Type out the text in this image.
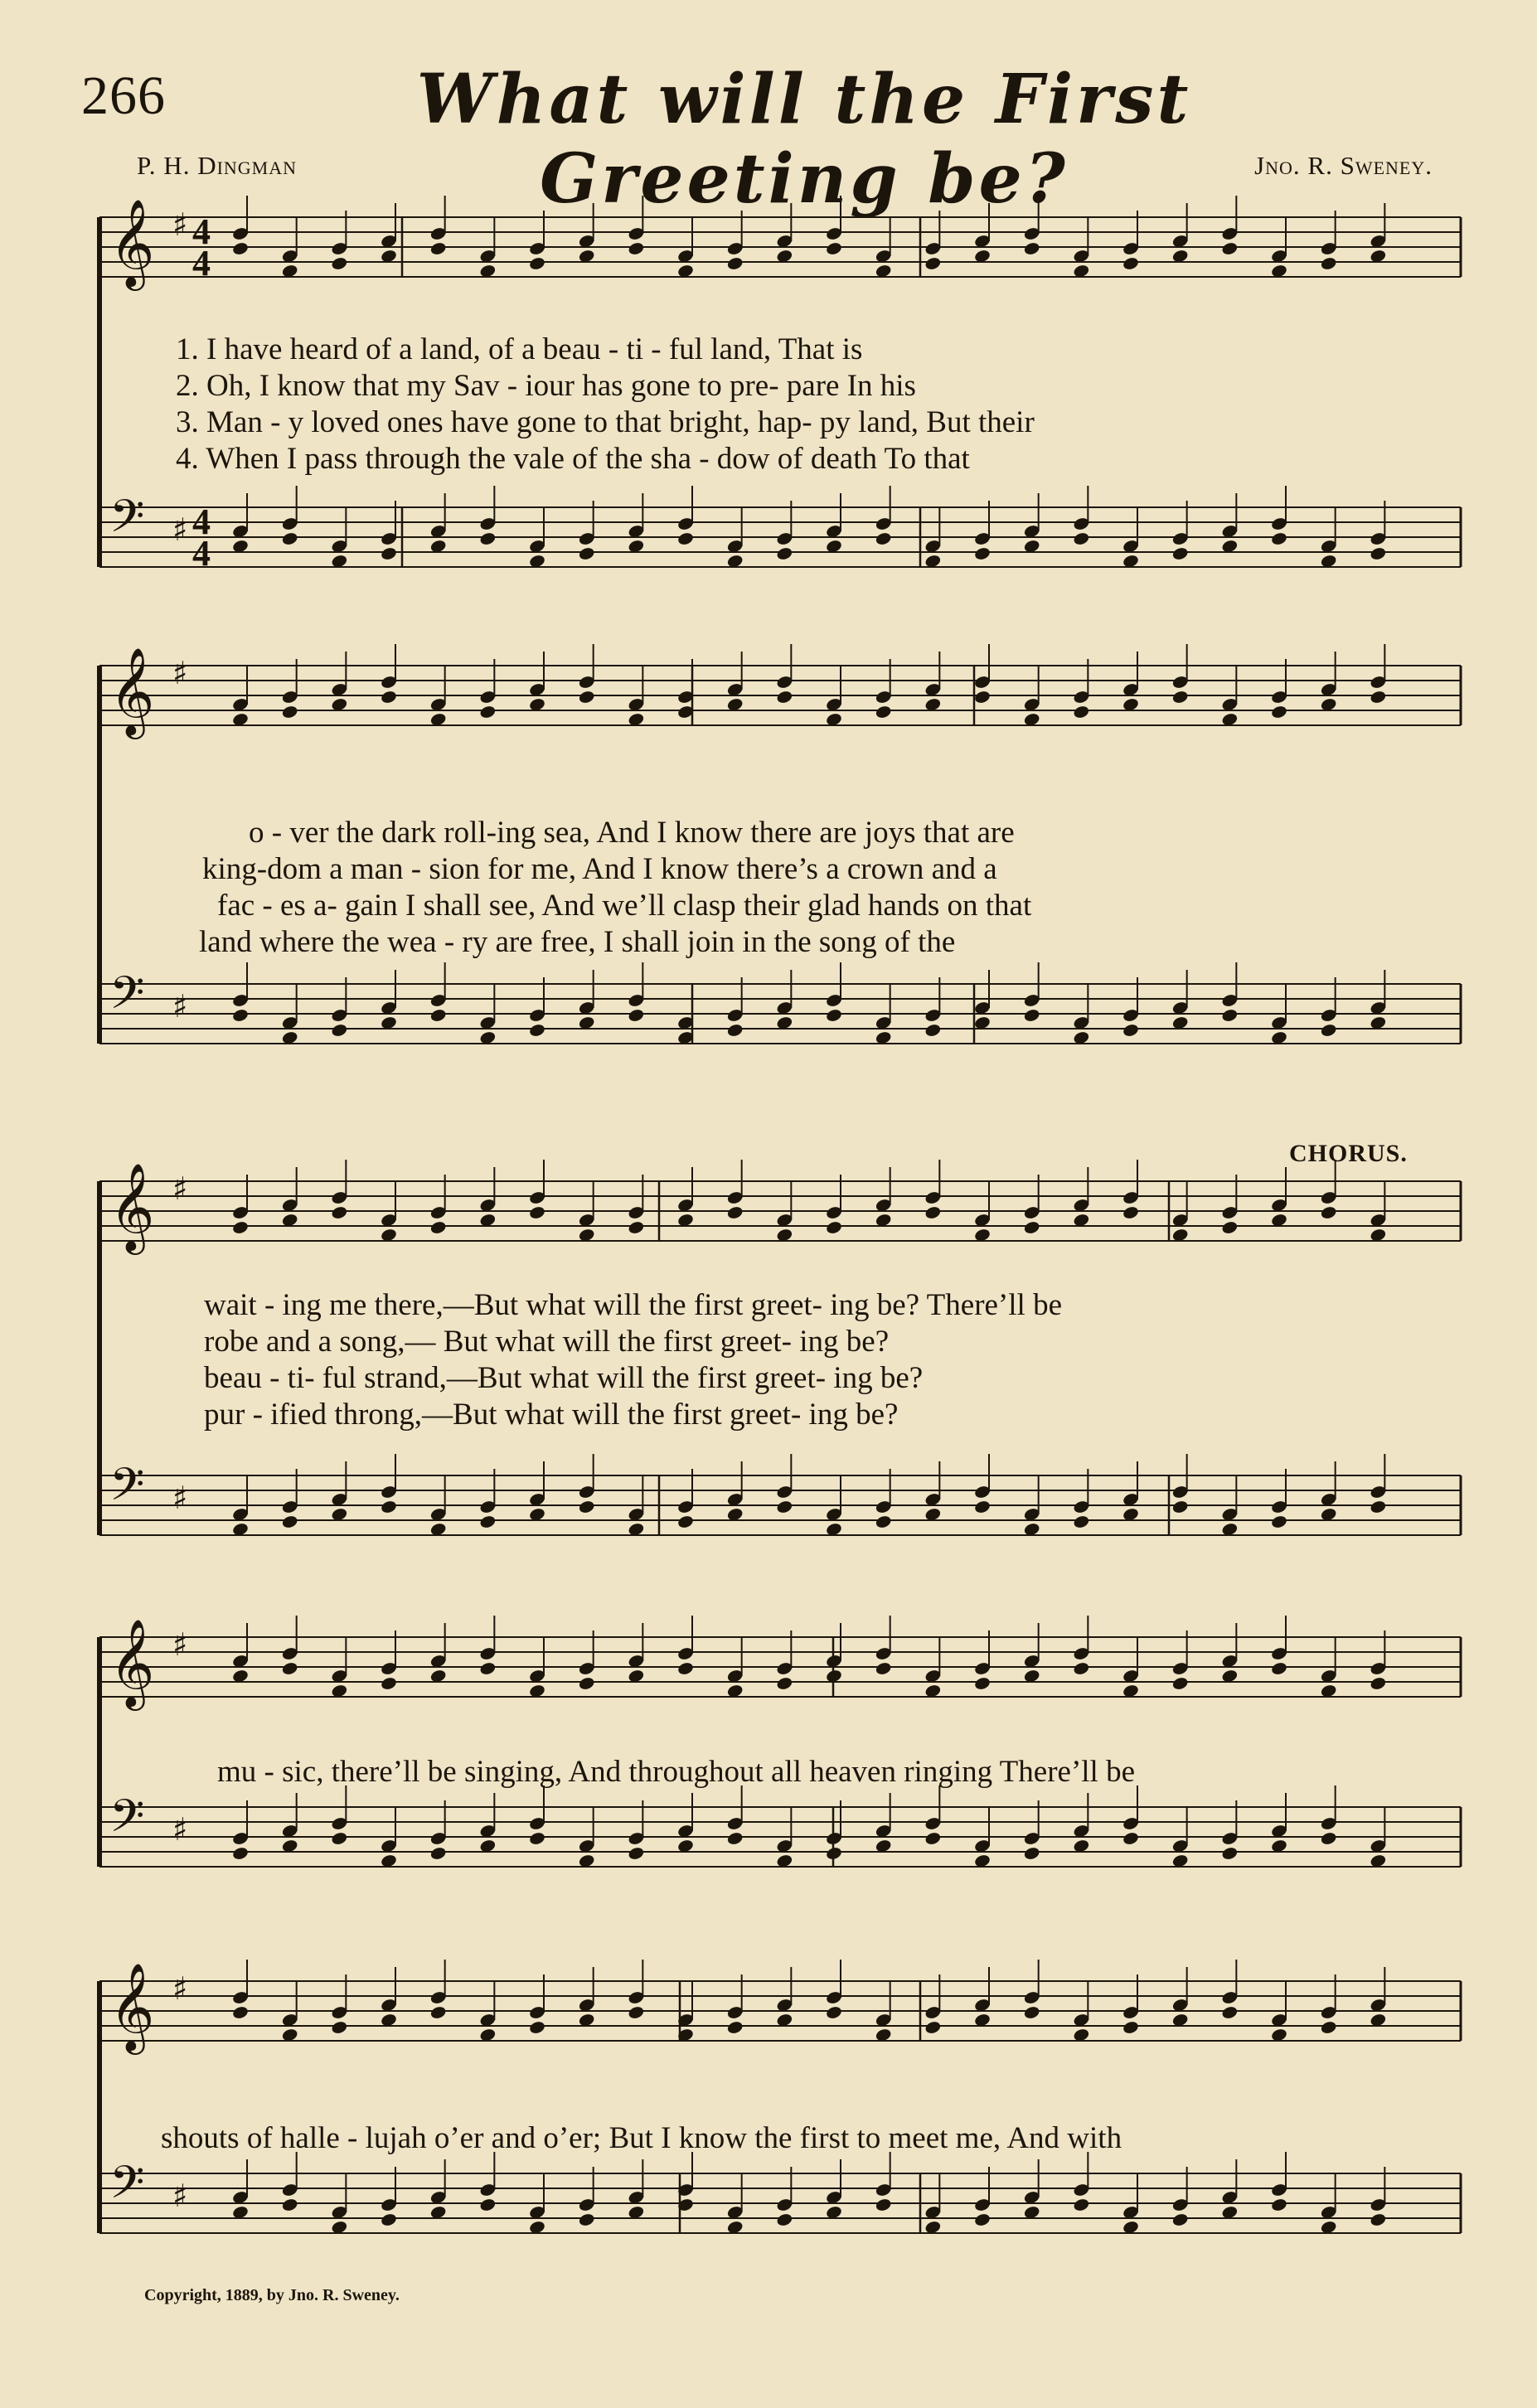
266	What will the First Greeting be?
P. H. Dingman	Jno. R. Sweney.
CHORUS.
𝄞 ♯
𝄢 ♯
𝄞 ♯
𝄢 ♯
𝄞 ♯
𝄢 ♯
𝄞 ♯
𝄢 ♯
𝄞 ♯
𝄢 ♯
4
4
4
4
1. I have heard of a land, of a beau - ti - ful land, That is
2. Oh, I know that my Sav - iour has gone to pre- pare In his
3. Man - y loved ones have gone to that bright, hap- py land, But their
4. When I pass through the vale of the sha - dow of death To that
o - ver the dark roll-ing sea, And I know there are joys that are
king-dom a man - sion for me, And I know there’s a crown and a
fac - es a- gain I shall see, And we’ll clasp their glad hands on that
land where the wea - ry are free, I shall join in the song of the
wait - ing me there,—But what will the first greet- ing be? There’ll be
robe and a song,— But what will the first greet- ing be?
beau - ti- ful strand,—But what will the first greet- ing be?
pur - ified throng,—But what will the first greet- ing be?
mu - sic, there’ll be singing, And throughout all heaven ringing There’ll be
shouts of halle - lujah o’er and o’er; But I know the first to meet me, And with
Copyright, 1889, by Jno. R. Sweney.
